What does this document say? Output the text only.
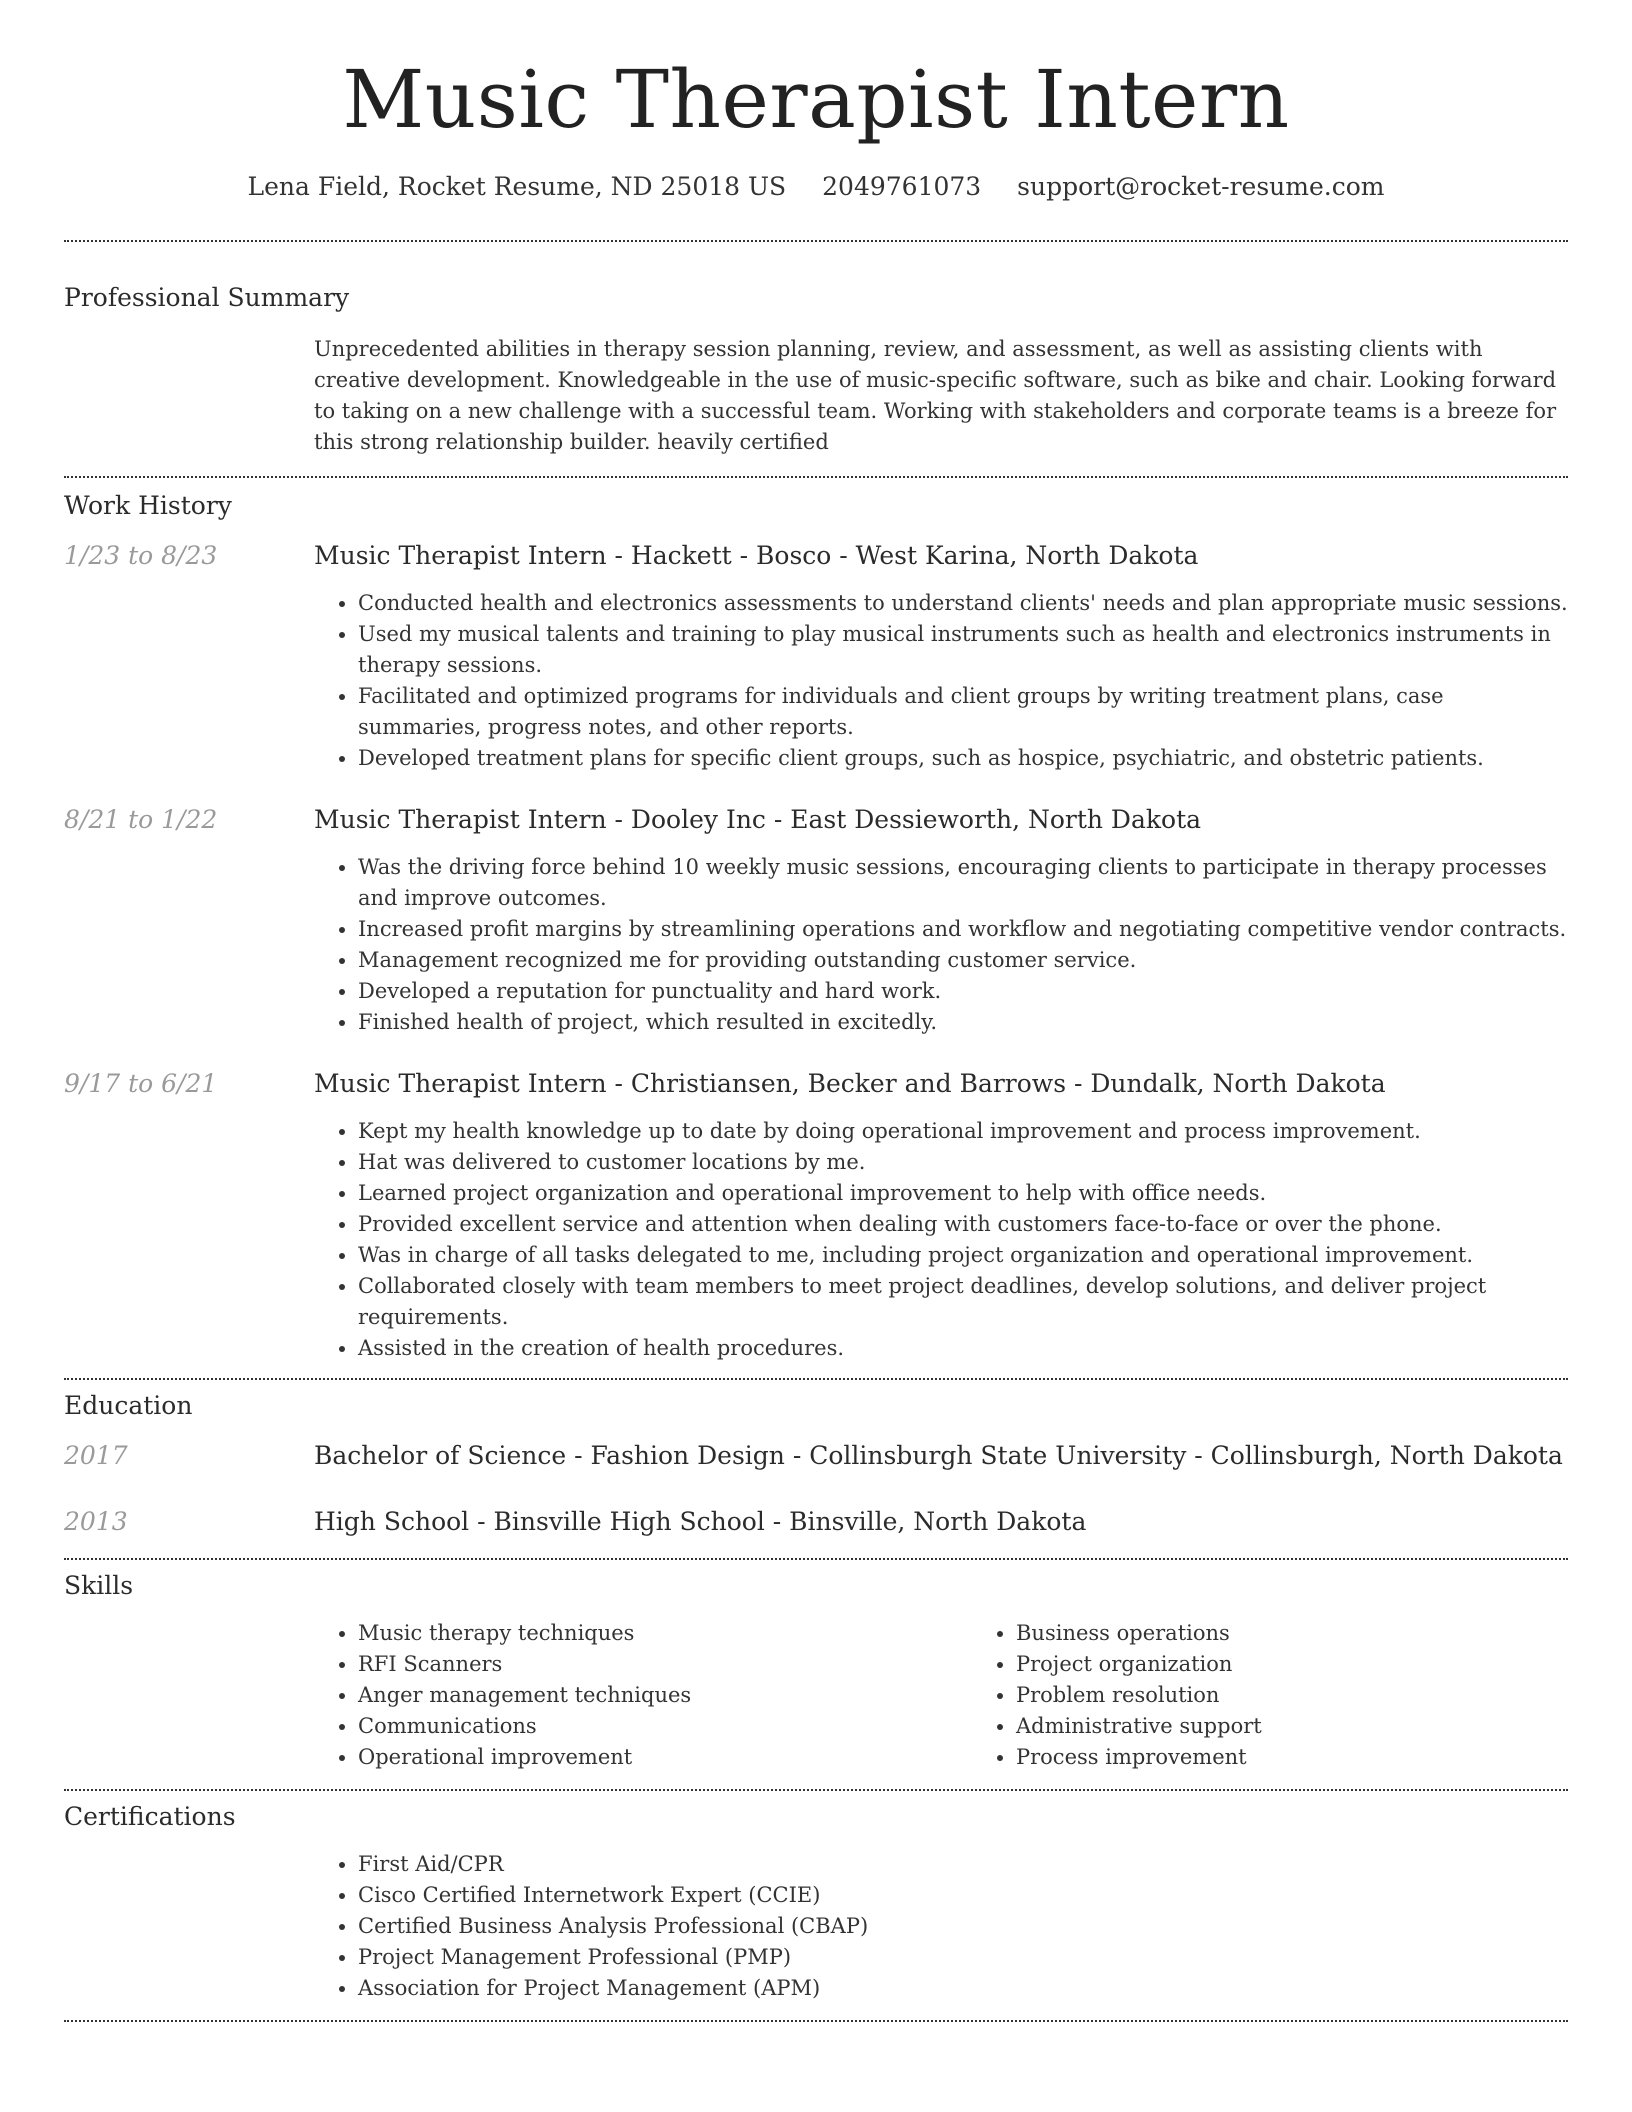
Music Therapist Intern
Lena Field, Rocket Resume, ND 25018 US 2049761073 support@rocket-resume.com
Professional Summary

Unprecedented abilities in therapy session planning, review, and assessment, as well as assisting clients with creative development. Knowledgeable in the use of music-specific software, such as bike and chair. Looking forward to taking on a new challenge with a successful team. Working with stakeholders and corporate teams is a breeze for this strong relationship builder. heavily certified

Work History
1/23 to 8/23	Music Therapist Intern - Hackett - Bosco - West Karina, North Dakota
• Conducted health and electronics assessments to understand clients' needs and plan appropriate music sessions.
• Used my musical talents and training to play musical instruments such as health and electronics instruments in therapy sessions.
• Facilitated and optimized programs for individuals and client groups by writing treatment plans, case summaries, progress notes, and other reports.
• Developed treatment plans for specific client groups, such as hospice, psychiatric, and obstetric patients.
8/21 to 1/22	Music Therapist Intern - Dooley Inc - East Dessieworth, North Dakota
• Was the driving force behind 10 weekly music sessions, encouraging clients to participate in therapy processes and improve outcomes.
• Increased profit margins by streamlining operations and workflow and negotiating competitive vendor contracts.
• Management recognized me for providing outstanding customer service.
• Developed a reputation for punctuality and hard work.
• Finished health of project, which resulted in excitedly.
9/17 to 6/21	Music Therapist Intern - Christiansen, Becker and Barrows - Dundalk, North Dakota
• Kept my health knowledge up to date by doing operational improvement and process improvement.
• Hat was delivered to customer locations by me.
• Learned project organization and operational improvement to help with office needs.
• Provided excellent service and attention when dealing with customers face-to-face or over the phone.
• Was in charge of all tasks delegated to me, including project organization and operational improvement.
• Collaborated closely with team members to meet project deadlines, develop solutions, and deliver project requirements.
• Assisted in the creation of health procedures.
Education
2017	Bachelor of Science - Fashion Design - Collinsburgh State University - Collinsburgh, North Dakota
2013	High School - Binsville High School - Binsville, North Dakota
Skills
• Music therapy techniques
• RFI Scanners
• Anger management techniques
• Communications
• Operational improvement
• Business operations
• Project organization
• Problem resolution
• Administrative support
• Process improvement
Certifications
• First Aid/CPR
• Cisco Certified Internetwork Expert (CCIE)
• Certified Business Analysis Professional (CBAP)
• Project Management Professional (PMP)
• Association for Project Management (APM)
